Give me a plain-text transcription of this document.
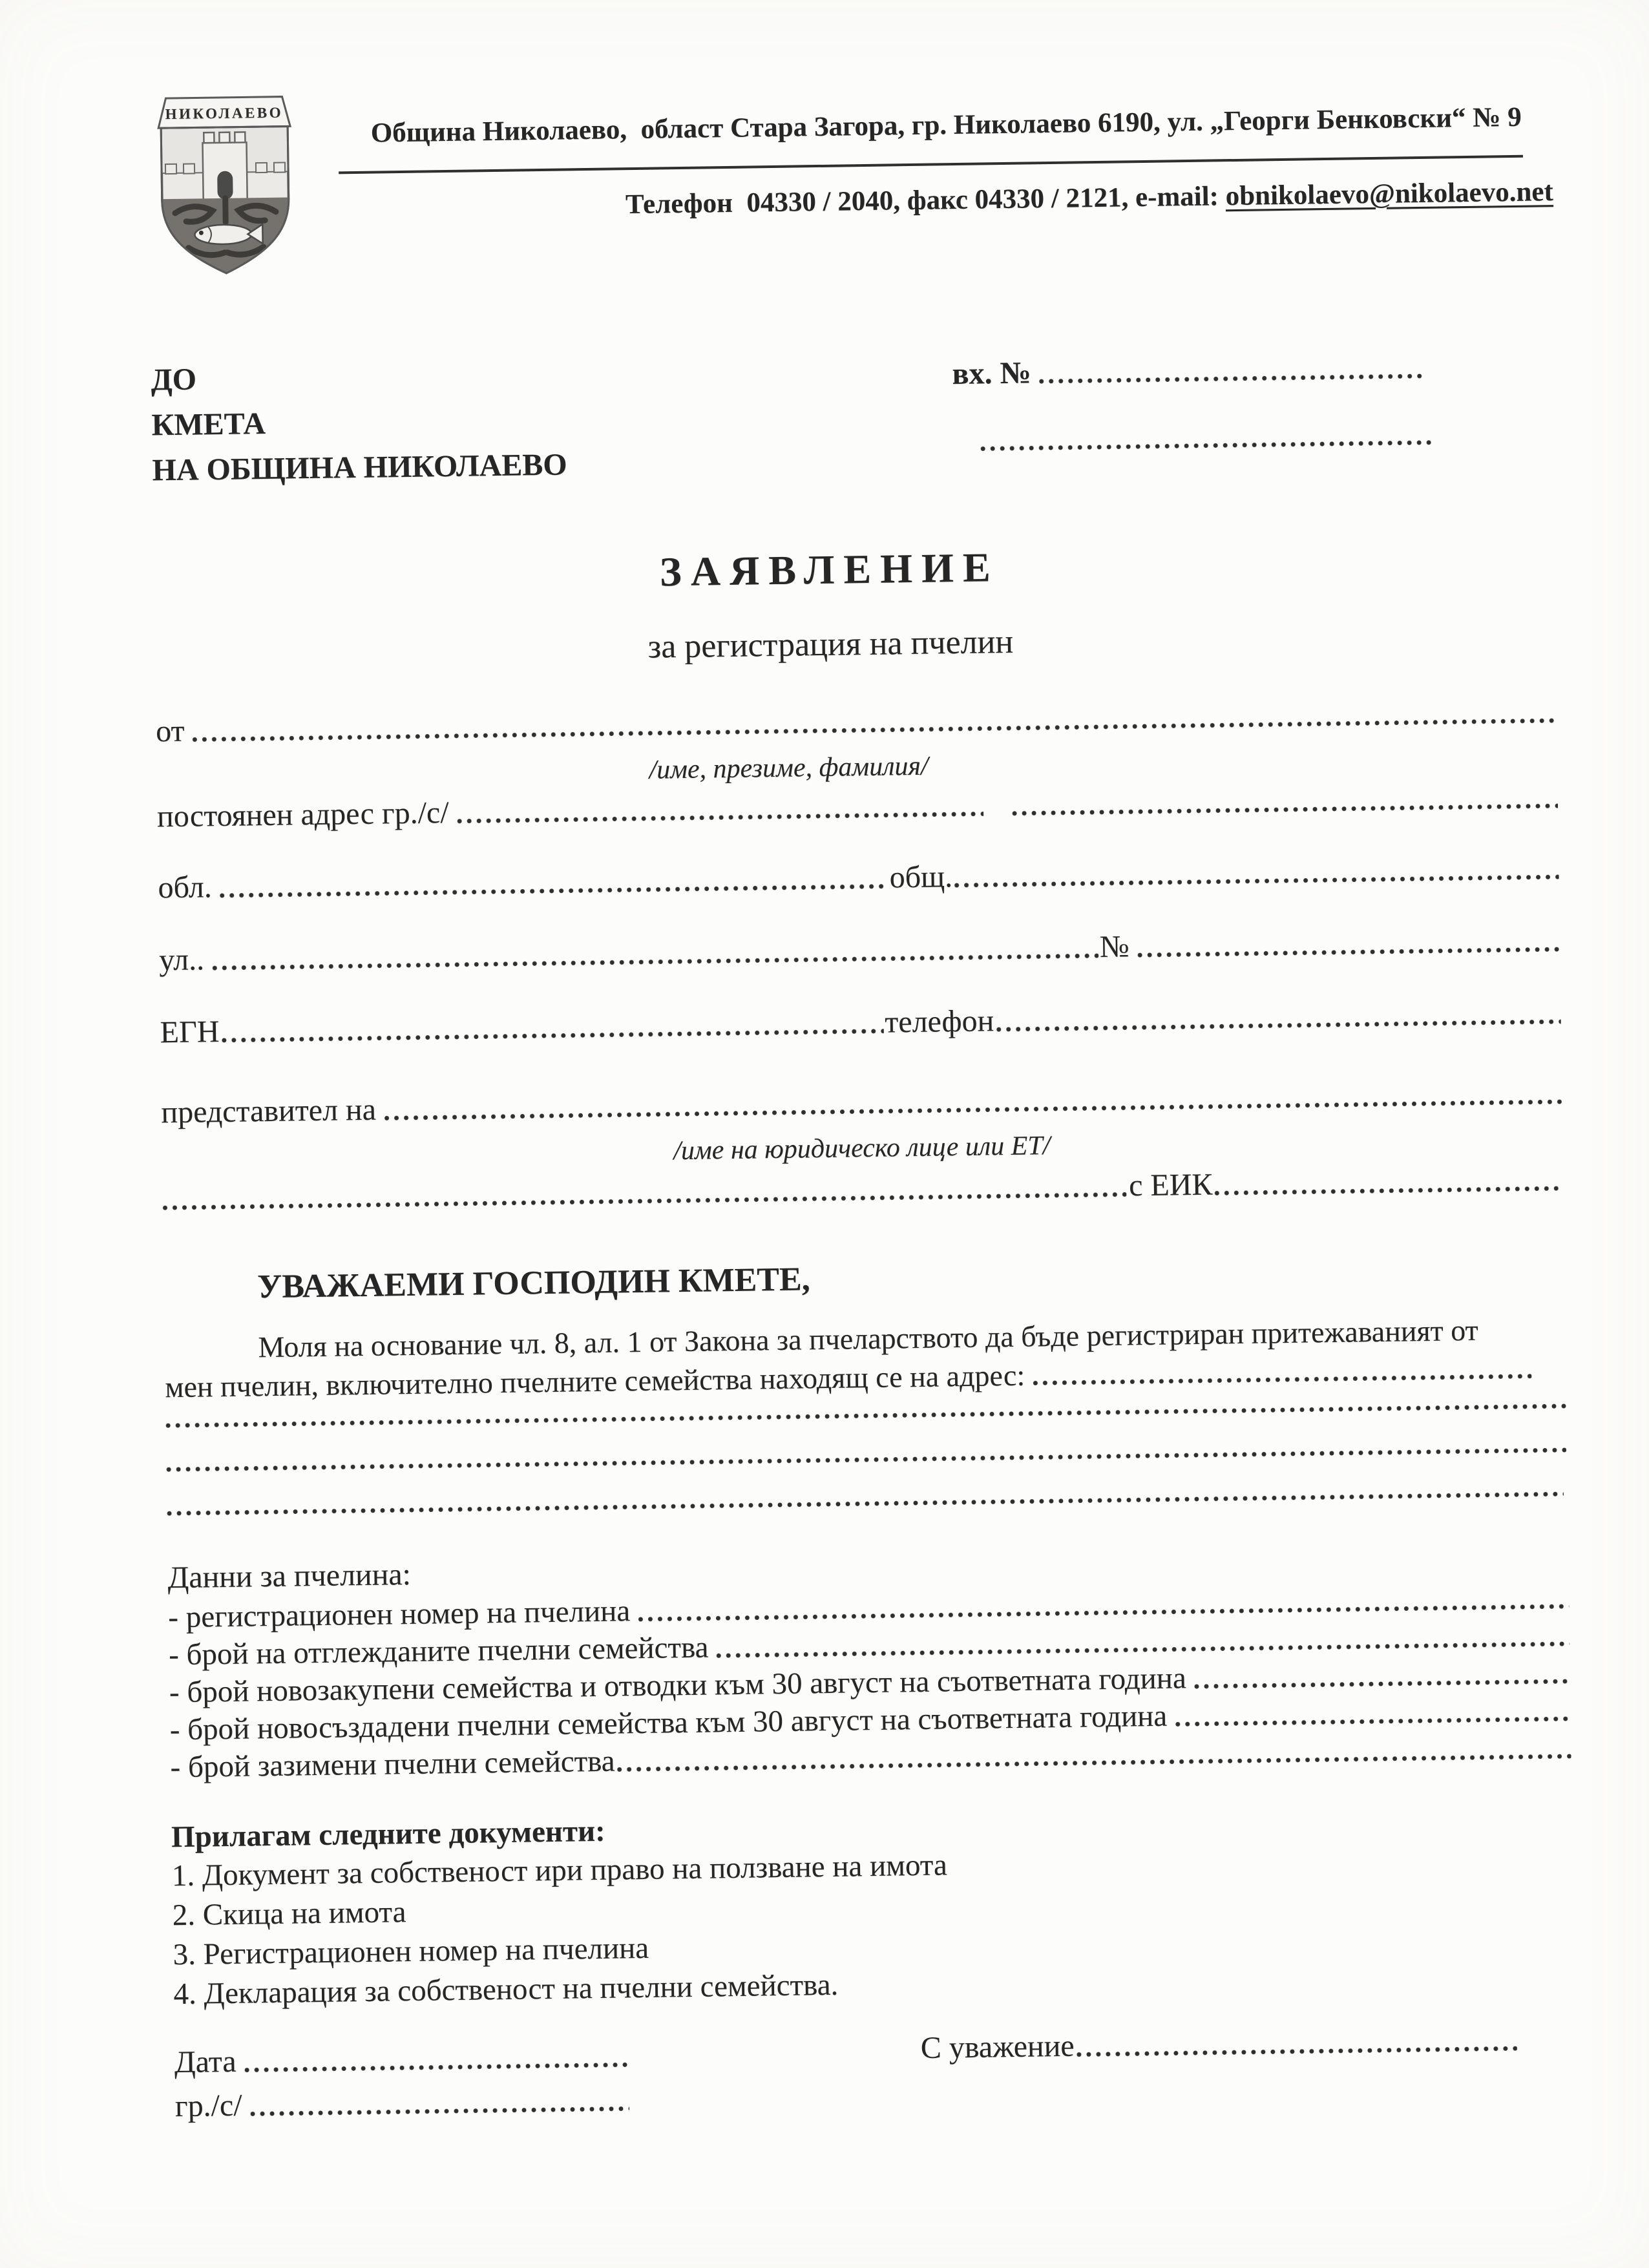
НИКОЛАЕВО	Община Николаево,  област Стара Загора, гр. Николаево 6190, ул. „Георги Бенковски“ № 9
Телефон  04330 / 2040, факс 04330 / 2121, e-mail: obnikolaevo@nikolaevo.net
ДО
КМЕТА
НА ОБЩИНА НИКОЛАЕВО
вх. №
ЗАЯВЛЕНИЕ
за регистрация на пчелин
от
/име, презиме, фамилия/
постоянен адрес гр./с/
обл.	общ.
ул..	№
ЕГН	телефон
представител на
/име на юридическо лице или ЕТ/
с ЕИК
УВАЖАЕМИ ГОСПОДИН КМЕТЕ,
Моля на основание чл. 8, ал. 1 от Закона за пчеларството да бъде регистриран притежаваният от
мен пчелин, включително пчелните семейства находящ се на адрес:
Данни за пчелина:
- регистрационен номер на пчелина
- брой на отглежданите пчелни семейства
- брой новозакупени семейства и отводки към 30 август на съответната година
- брой новосъздадени пчелни семейства към 30 август на съответната година
- брой зазимени пчелни семейства
Прилагам следните документи:
1. Документ за собственост ири право на ползване на имота
2. Скица на имота
3. Регистрационен номер на пчелина
4. Декларация за собственост на пчелни семейства.
Дата	С уважение
гр./с/
